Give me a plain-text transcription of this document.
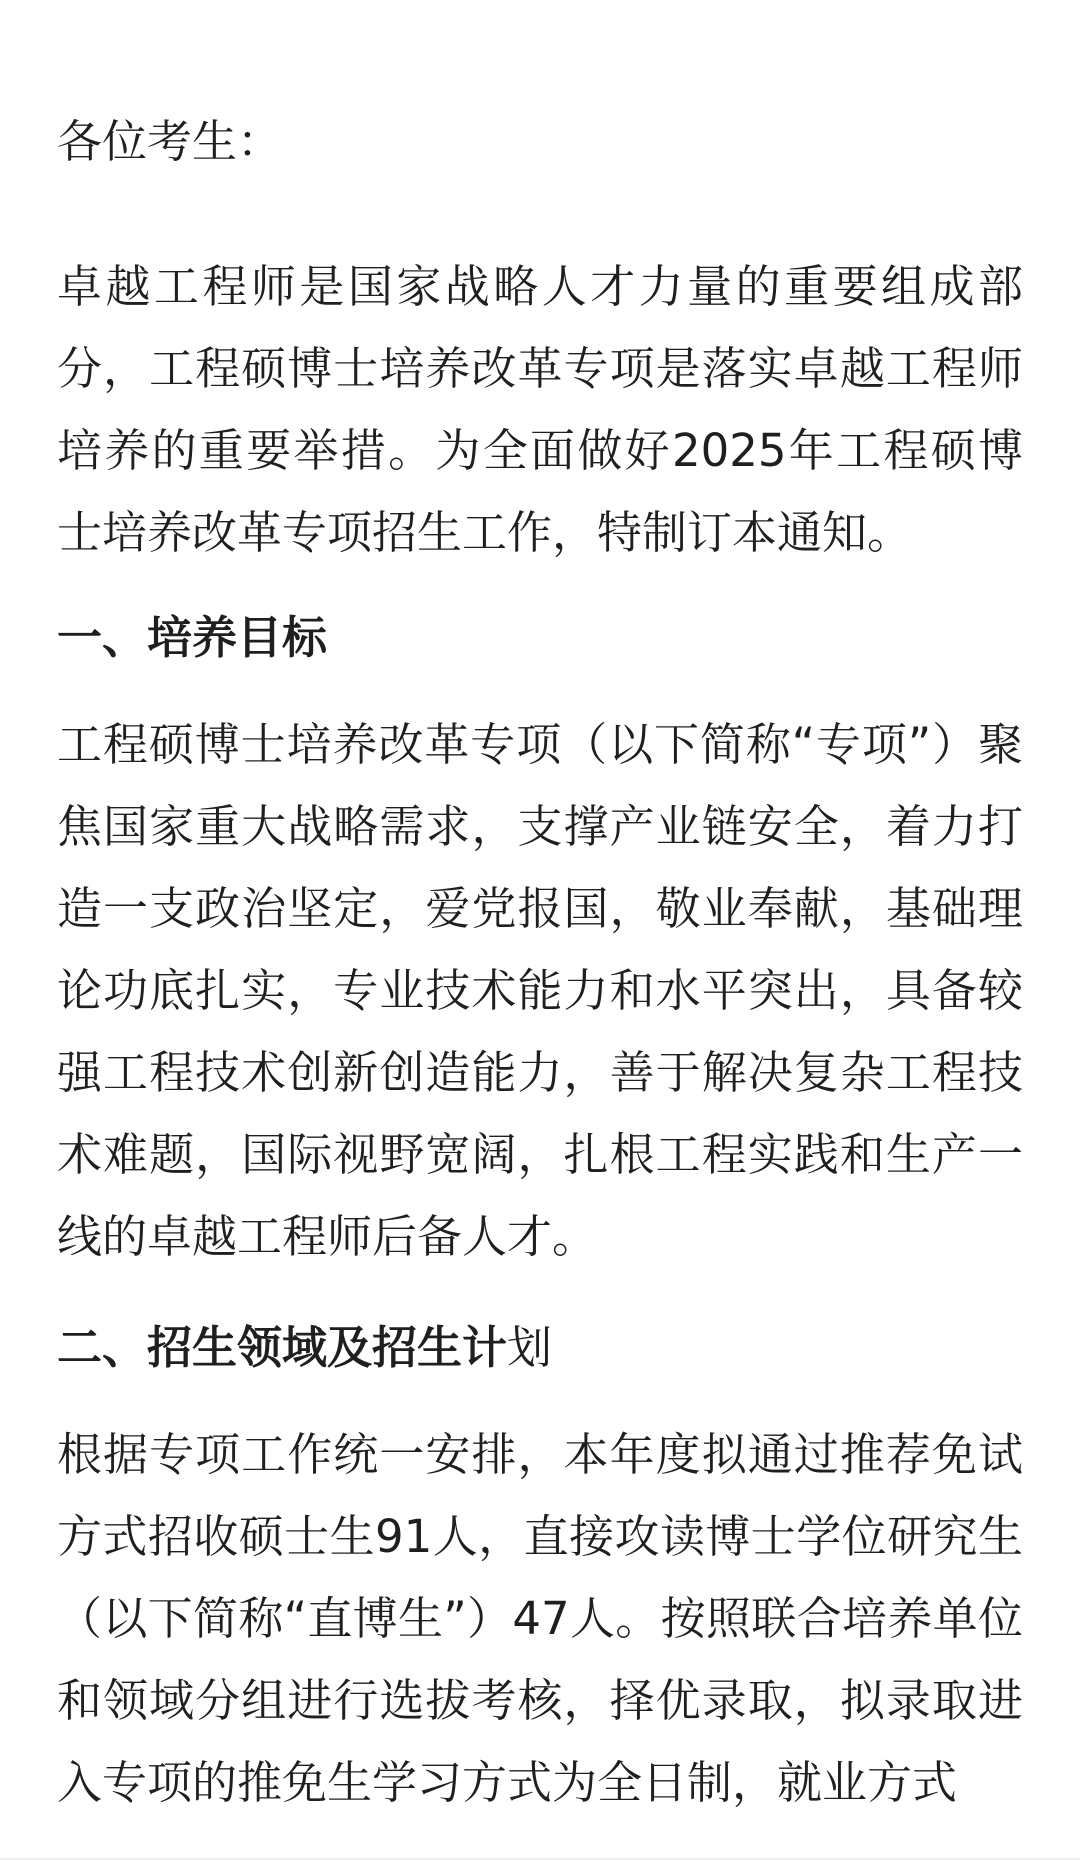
各位考生：
卓越工程师是国家战略人才力量的重要组成部分，工程硕博士培养改革专项是落实卓越工程师培养的重要举措。为全面做好2025年工程硕博士培养改革专项招生工作，特制订本通知。
一、培养目标
工程硕博士培养改革专项（以下简称“专项”）聚焦国家重大战略需求，支撑产业链安全，着力打造一支政治坚定，爱党报国，敬业奉献，基础理论功底扎实，专业技术能力和水平突出，具备较强工程技术创新创造能力，善于解决复杂工程技术难题，国际视野宽阔，扎根工程实践和生产一线的卓越工程师后备人才。
二、招生领域及招生计划
根据专项工作统一安排，本年度拟通过推荐免试方式招收硕士生91人，直接攻读博士学位研究生（以下简称“直博生”）47人。按照联合培养单位和领域分组进行选拔考核，择优录取，拟录取进入专项的推免生学习方式为全日制，就业方式
